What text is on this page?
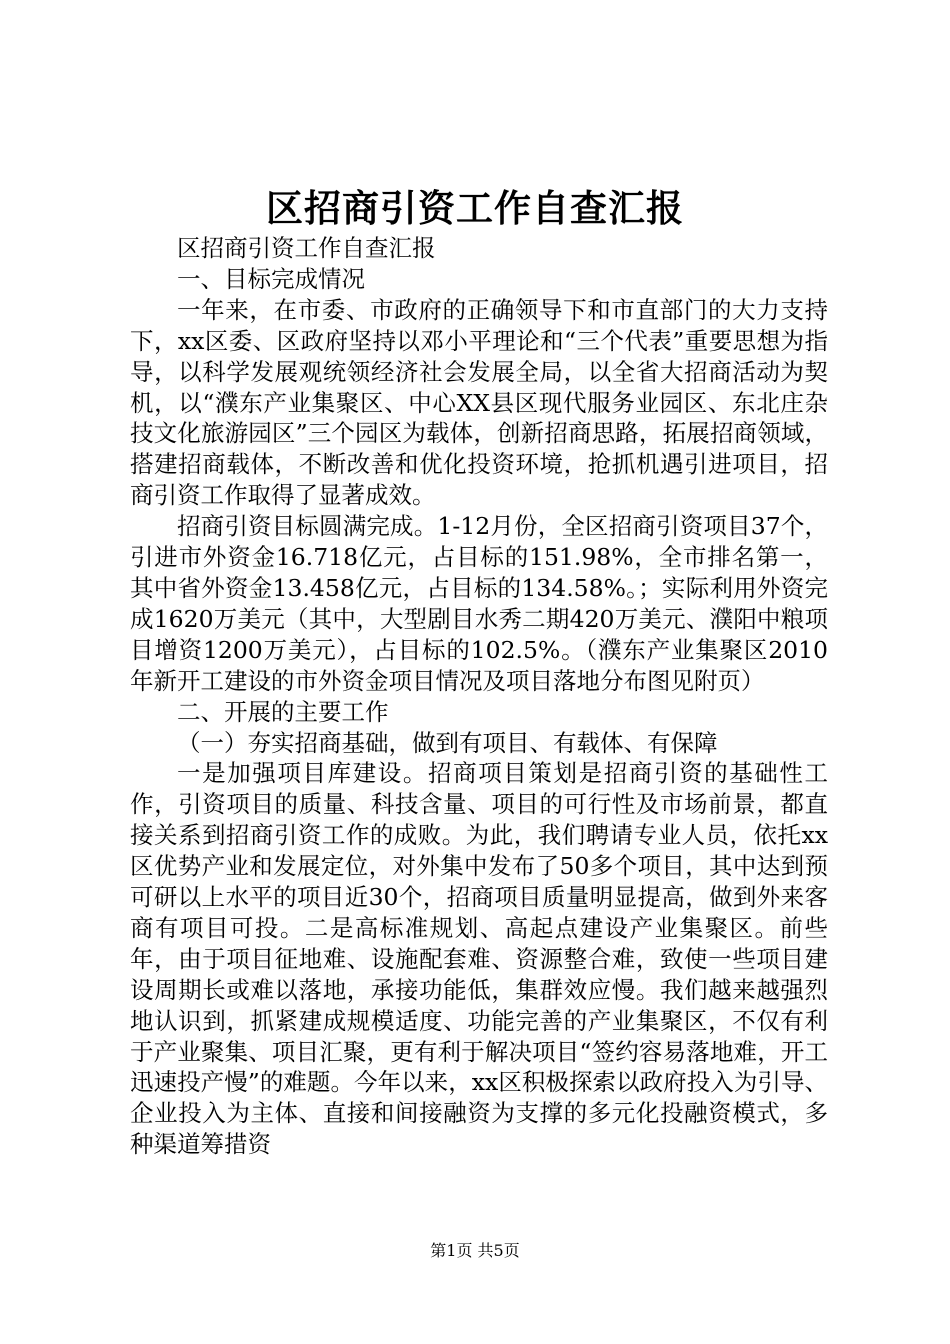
区招商引资工作自查汇报

区招商引资工作自查汇报

一、目标完成情况

一年来，在市委、市政府的正确领导下和市直部门的大力支持下，xx区委、区政府坚持以邓小平理论和“三个代表”重要思想为指导，以科学发展观统领经济社会发展全局，以全省大招商活动为契机，以“濮东产业集聚区、中心XX县区现代服务业园区、东北庄杂技文化旅游园区”三个园区为载体，创新招商思路，拓展招商领域，搭建招商载体，不断改善和优化投资环境，抢抓机遇引进项目，招商引资工作取得了显著成效。

招商引资目标圆满完成。1-12月份，全区招商引资项目37个，引进市外资金16.718亿元，占目标的151.98%，全市排名第一，其中省外资金13.458亿元，占目标的134.58%。；实际利用外资完成1620万美元（其中，大型剧目水秀二期420万美元、濮阳中粮项目增资1200万美元），占目标的102.5%。（濮东产业集聚区2010年新开工建设的市外资金项目情况及项目落地分布图见附页）

二、开展的主要工作

（一）夯实招商基础，做到有项目、有载体、有保障

一是加强项目库建设。招商项目策划是招商引资的基础性工作，引资项目的质量、科技含量、项目的可行性及市场前景，都直接关系到招商引资工作的成败。为此，我们聘请专业人员，依托xx区优势产业和发展定位，对外集中发布了50多个项目，其中达到预可研以上水平的项目近30个，招商项目质量明显提高，做到外来客商有项目可投。二是高标准规划、高起点建设产业集聚区。前些年，由于项目征地难、设施配套难、资源整合难，致使一些项目建设周期长或难以落地，承接功能低，集群效应慢。我们越来越强烈地认识到，抓紧建成规模适度、功能完善的产业集聚区，不仅有利于产业聚集、项目汇聚，更有利于解决项目“签约容易落地难，开工迅速投产慢”的难题。今年以来，xx区积极探索以政府投入为引导、企业投入为主体、直接和间接融资为支撑的多元化投融资模式，多种渠道筹措资

第1页 共5页
